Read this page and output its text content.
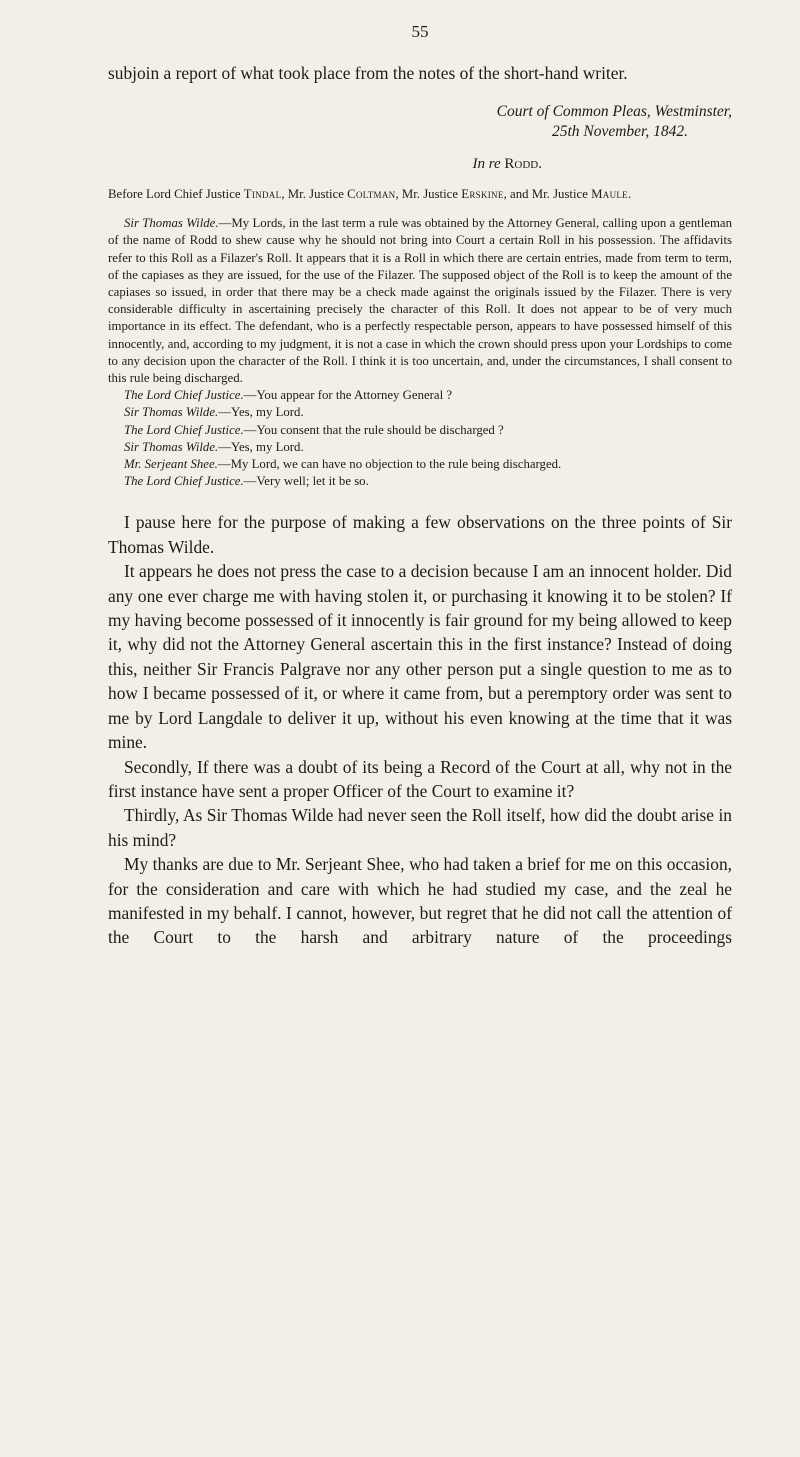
55

subjoin a report of what took place from the notes of the short-hand writer.

Court of Common Pleas, Westminster,

25th November, 1842.

In re Rodd.

Before Lord Chief Justice Tindal, Mr. Justice Coltman, Mr. Justice Erskine, and Mr. Justice Maule.

Sir Thomas Wilde.—My Lords, in the last term a rule was obtained by the Attorney General, calling upon a gentleman of the name of Rodd to shew cause why he should not bring into Court a certain Roll in his possession. The affidavits refer to this Roll as a Filazer's Roll. It appears that it is a Roll in which there are certain entries, made from term to term, of the capiases as they are issued, for the use of the Filazer. The supposed object of the Roll is to keep the amount of the capiases so issued, in order that there may be a check made against the originals issued by the Filazer. There is very considerable difficulty in ascertaining precisely the character of this Roll. It does not appear to be of very much importance in its effect. The defendant, who is a perfectly respectable person, appears to have possessed himself of this innocently, and, according to my judgment, it is not a case in which the crown should press upon your Lordships to come to any decision upon the character of the Roll. I think it is too uncertain, and, under the circumstances, I shall consent to this rule being discharged.

The Lord Chief Justice.—You appear for the Attorney General ?

Sir Thomas Wilde.—Yes, my Lord.

The Lord Chief Justice.—You consent that the rule should be discharged ?

Sir Thomas Wilde.—Yes, my Lord.

Mr. Serjeant Shee.—My Lord, we can have no objection to the rule being discharged.

The Lord Chief Justice.—Very well; let it be so.

I pause here for the purpose of making a few observations on the three points of Sir Thomas Wilde.

It appears he does not press the case to a decision because I am an innocent holder. Did any one ever charge me with having stolen it, or purchasing it knowing it to be stolen? If my having become possessed of it innocently is fair ground for my being allowed to keep it, why did not the Attorney General ascertain this in the first instance? Instead of doing this, neither Sir Francis Palgrave nor any other person put a single question to me as to how I became possessed of it, or where it came from, but a peremptory order was sent to me by Lord Langdale to deliver it up, without his even knowing at the time that it was mine.

Secondly, If there was a doubt of its being a Record of the Court at all, why not in the first instance have sent a proper Officer of the Court to examine it?

Thirdly, As Sir Thomas Wilde had never seen the Roll itself, how did the doubt arise in his mind?

My thanks are due to Mr. Serjeant Shee, who had taken a brief for me on this occasion, for the consideration and care with which he had studied my case, and the zeal he manifested in my behalf. I cannot, however, but regret that he did not call the attention of the Court to the harsh and arbitrary nature of the proceedings
